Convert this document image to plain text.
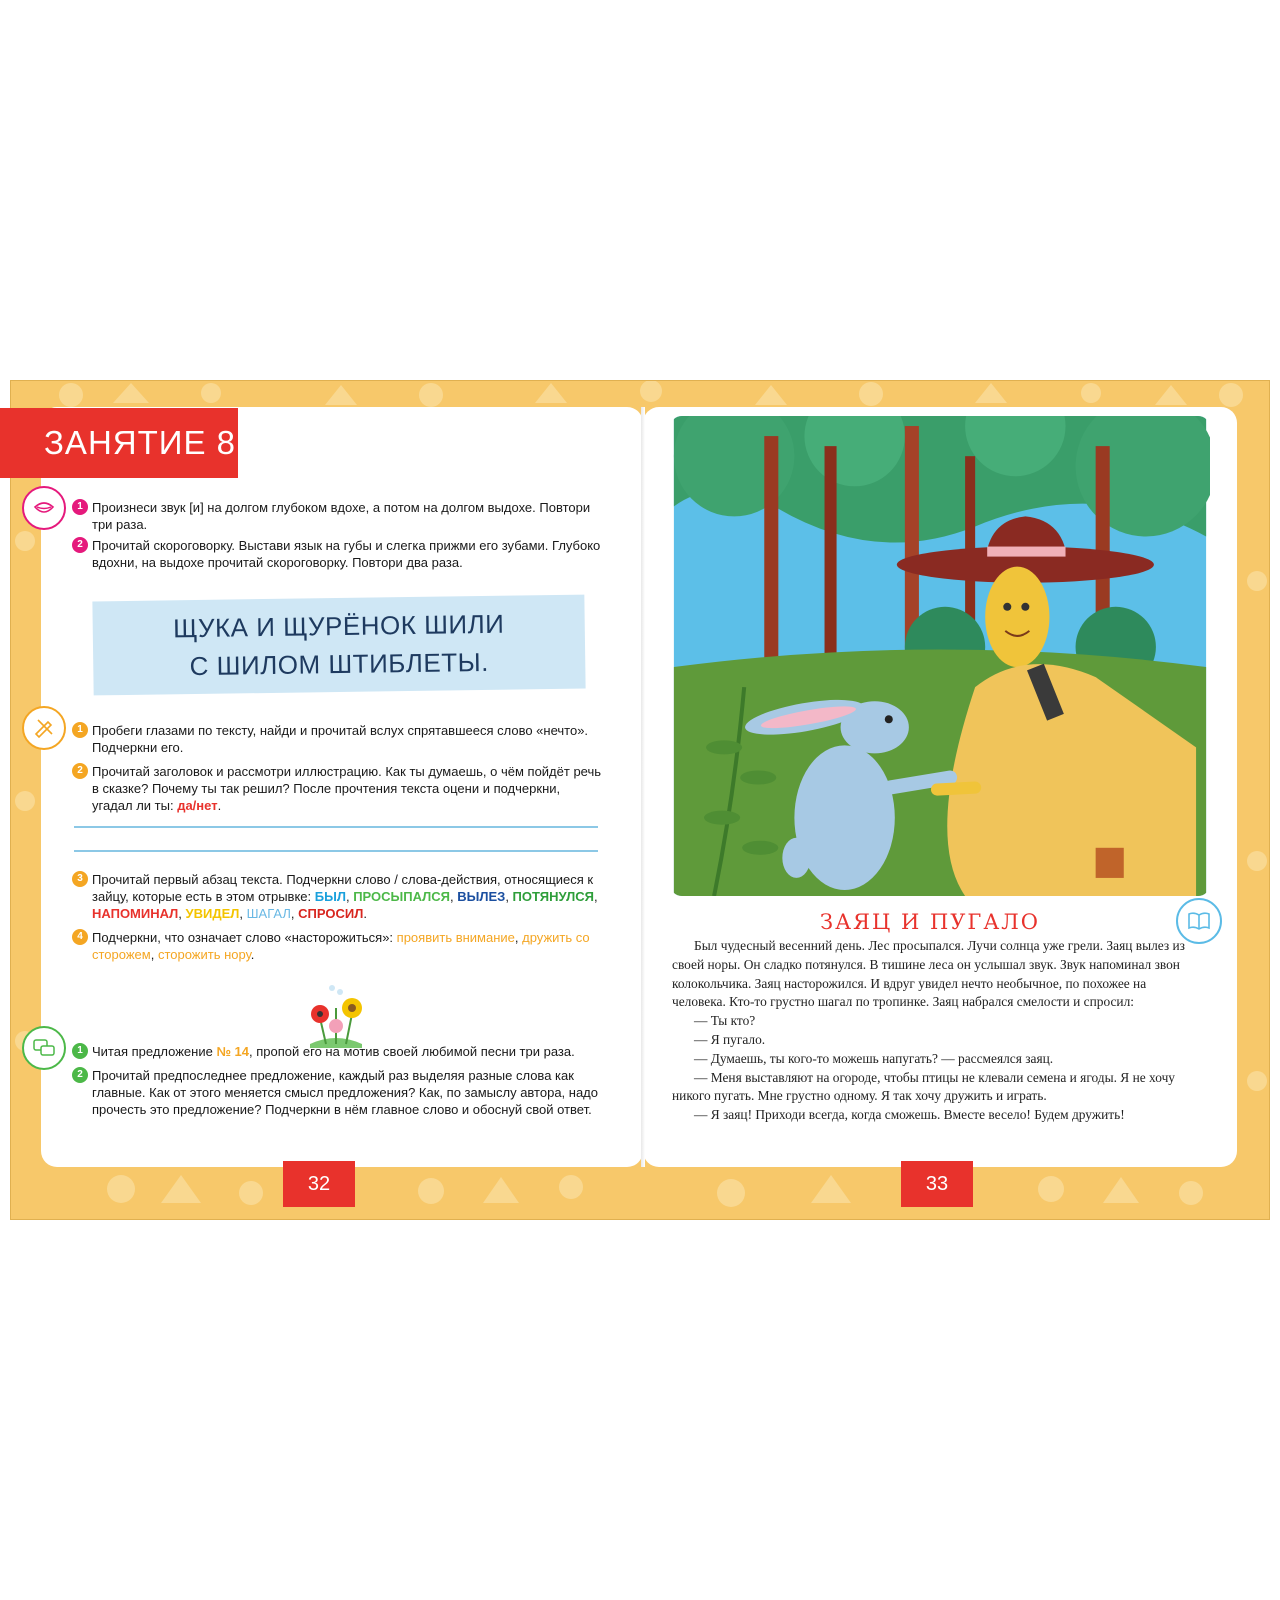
32	33
ЗАНЯТИЕ 8
1 Произнеси звук [и] на долгом глубоком вдохе, а потом на долгом выдохе. Повтори три раза.
2 Прочитай скороговорку. Выстави язык на губы и слегка прижми его зубами. Глубоко вдохни, на выдохе прочитай скороговорку. Повтори два раза.
ЩУКА И ЩУРЁНОК ШИЛИ
С ШИЛОМ ШТИБЛЕТЫ.
1 Пробеги глазами по тексту, найди и прочитай вслух спрятавшееся слово «нечто». Подчеркни его.
2 Прочитай заголовок и рассмотри иллюстрацию. Как ты думаешь, о чём пойдёт речь в сказке? Почему ты так решил? После прочтения текста оцени и подчеркни, угадал ли ты: да/нет.
3 Прочитай первый абзац текста. Подчеркни слово / слова-действия, относящиеся к зайцу, которые есть в этом отрывке: БЫЛ, ПРОСЫПАЛСЯ, ВЫЛЕЗ, ПОТЯНУЛСЯ, НАПОМИНАЛ, УВИДЕЛ, ШАГАЛ, СПРОСИЛ.
4 Подчеркни, что означает слово «насторожиться»: проявить внимание, дружить со сторожем, сторожить нору.
1 Читая предложение № 14, пропой его на мотив своей любимой песни три раза.
2 Прочитай предпоследнее предложение, каждый раз выделяя разные слова как главные. Как от этого меняется смысл предложения? Как, по замыслу автора, надо прочесть это предложение? Подчеркни в нём главное слово и обоснуй свой ответ.
ЗАЯЦ И ПУГАЛО

Был чудесный весенний день. Лес просыпался. Лучи солнца уже грели. Заяц вылез из своей норы. Он сладко потянулся. В тишине леса он услышал звук. Звук напоминал звон колокольчика. Заяц насторожился. И вдруг увидел нечто необычное, по похожее на человека. Кто-то грустно шагал по тропинке. Заяц набрался смелости и спросил:

— Ты кто?

— Я пугало.

— Думаешь, ты кого-то можешь напугать? — рассмеялся заяц.

— Меня выставляют на огороде, чтобы птицы не клевали семена и ягоды. Я не хочу никого пугать. Мне грустно одному. Я так хочу дружить и играть.

— Я заяц! Приходи всегда, когда сможешь. Вместе весело! Будем дружить!
